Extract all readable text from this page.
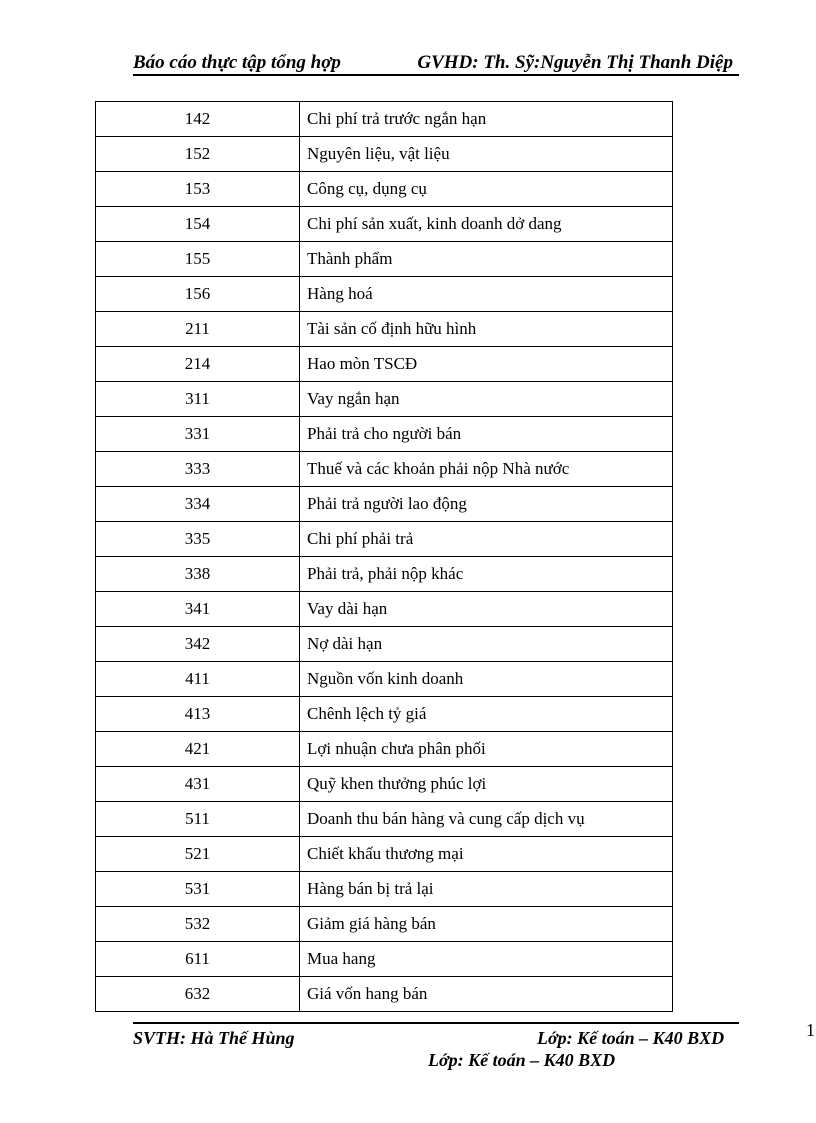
Báo cáo thực tập tổng hợp	GVHD: Th. Sỹ:Nguyễn Thị Thanh Diệp
142	Chi phí trả trước ngắn hạn
152	Nguyên liệu, vật liệu
153	Công cụ, dụng cụ
154	Chi phí sản xuất, kinh doanh dở dang
155	Thành phẩm
156	Hàng hoá
211	Tài sản cố định hữu hình
214	Hao mòn TSCĐ
311	Vay ngắn hạn
331	Phải trả cho người bán
333	Thuế và các khoản phải nộp Nhà nước
334	Phải trả người lao động
335	Chi phí phải trả
338	Phải trả, phải nộp khác
341	Vay dài hạn
342	Nợ dài hạn
411	Nguồn vốn kinh doanh
413	Chênh lệch tỷ giá
421	Lợi nhuận chưa phân phối
431	Quỹ khen thưởng phúc lợi
511	Doanh thu bán hàng và cung cấp dịch vụ
521	Chiết khấu thương mại
531	Hàng bán bị trả lại
532	Giảm giá hàng bán
611	Mua hang
632	Giá vốn hang bán
SVTH: Hà Thế Hùng	Lớp: Kế toán – K40 BXD
Lớp: Kế toán – K40 BXD
1
